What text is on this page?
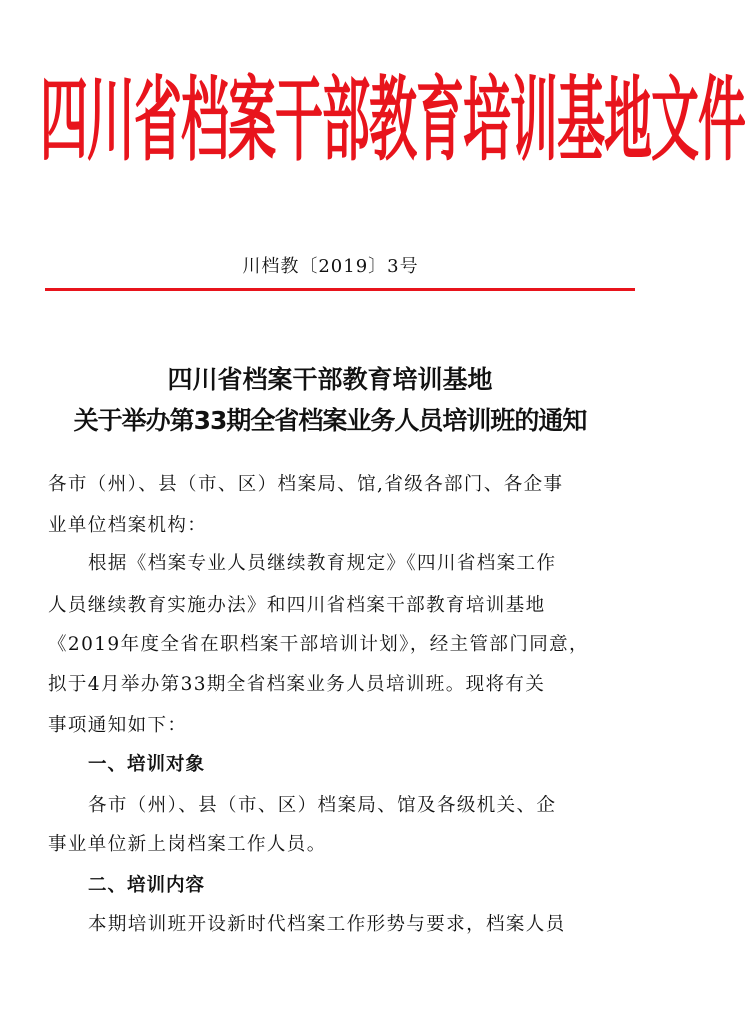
四川省档案干部教育培训基地文件
川档教〔2019〕3号
四川省档案干部教育培训基地
关于举办第33期全省档案业务人员培训班的通知
各市（州）、县（市、区）档案局、馆,省级各部门、各企事
业单位档案机构：
根据《档案专业人员继续教育规定》《四川省档案工作
人员继续教育实施办法》和四川省档案干部教育培训基地
《2019年度全省在职档案干部培训计划》，经主管部门同意，
拟于4月举办第33期全省档案业务人员培训班。现将有关
事项通知如下：
一、培训对象
各市（州）、县（市、区）档案局、馆及各级机关、企
事业单位新上岗档案工作人员。
二、培训内容
本期培训班开设新时代档案工作形势与要求，档案人员
